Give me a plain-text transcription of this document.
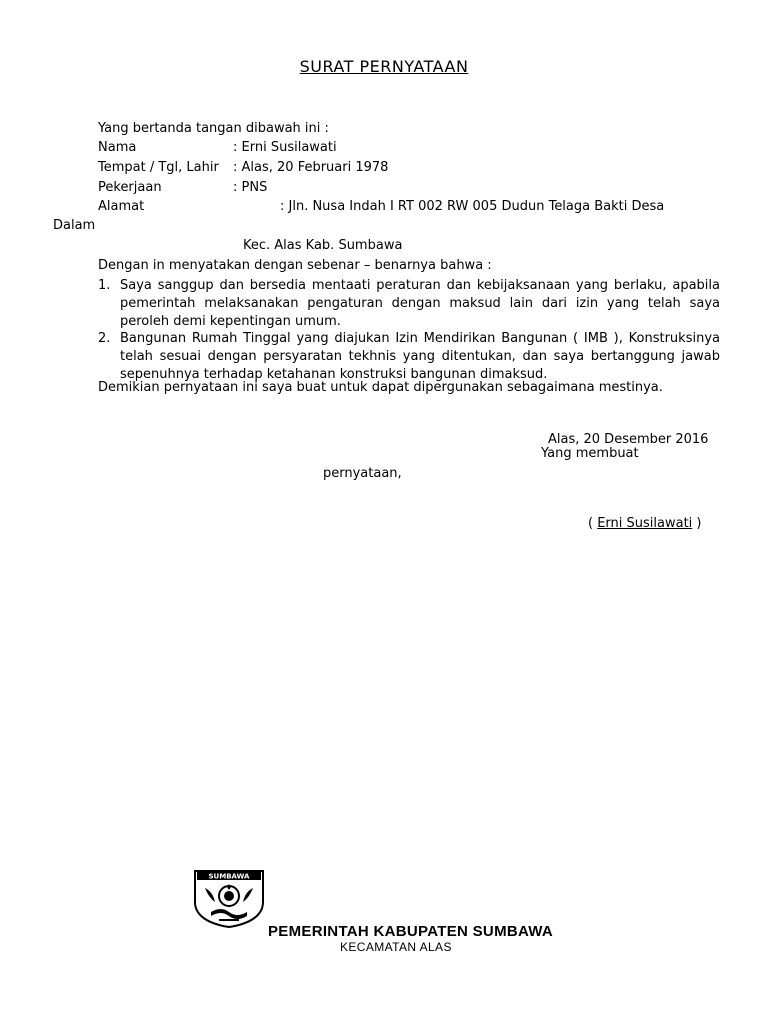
SURAT PERNYATAAN
Yang bertanda tangan dibawah ini :
Nama	: Erni Susilawati
Tempat / Tgl, Lahir : Alas, 20 Februari 1978
Pekerjaan	: PNS
Alamat	: Jln. Nusa Indah I RT 002 RW 005 Dudun Telaga Bakti Desa
Dalam
Kec. Alas Kab. Sumbawa
Dengan in menyatakan dengan sebenar – benarnya bahwa :
1. Saya sanggup dan bersedia mentaati peraturan dan kebijaksanaan yang berlaku, apabila pemerintah melaksanakan pengaturan dengan maksud lain dari izin yang telah saya peroleh demi kepentingan umum.
2. Bangunan Rumah Tinggal yang diajukan Izin Mendirikan Bangunan ( IMB ), Konstruksinya telah sesuai dengan persyaratan tekhnis yang ditentukan, dan saya bertanggung jawab sepenuhnya terhadap ketahanan konstruksi bangunan dimaksud.
Demikian pernyataan ini saya buat untuk dapat dipergunakan sebagaimana mestinya.
Alas, 20 Desember 2016
Yang membuat
pernyataan,
( Erni Susilawati )
SUMBAWA
PEMERINTAH KABUPATEN SUMBAWA
KECAMATAN ALAS
